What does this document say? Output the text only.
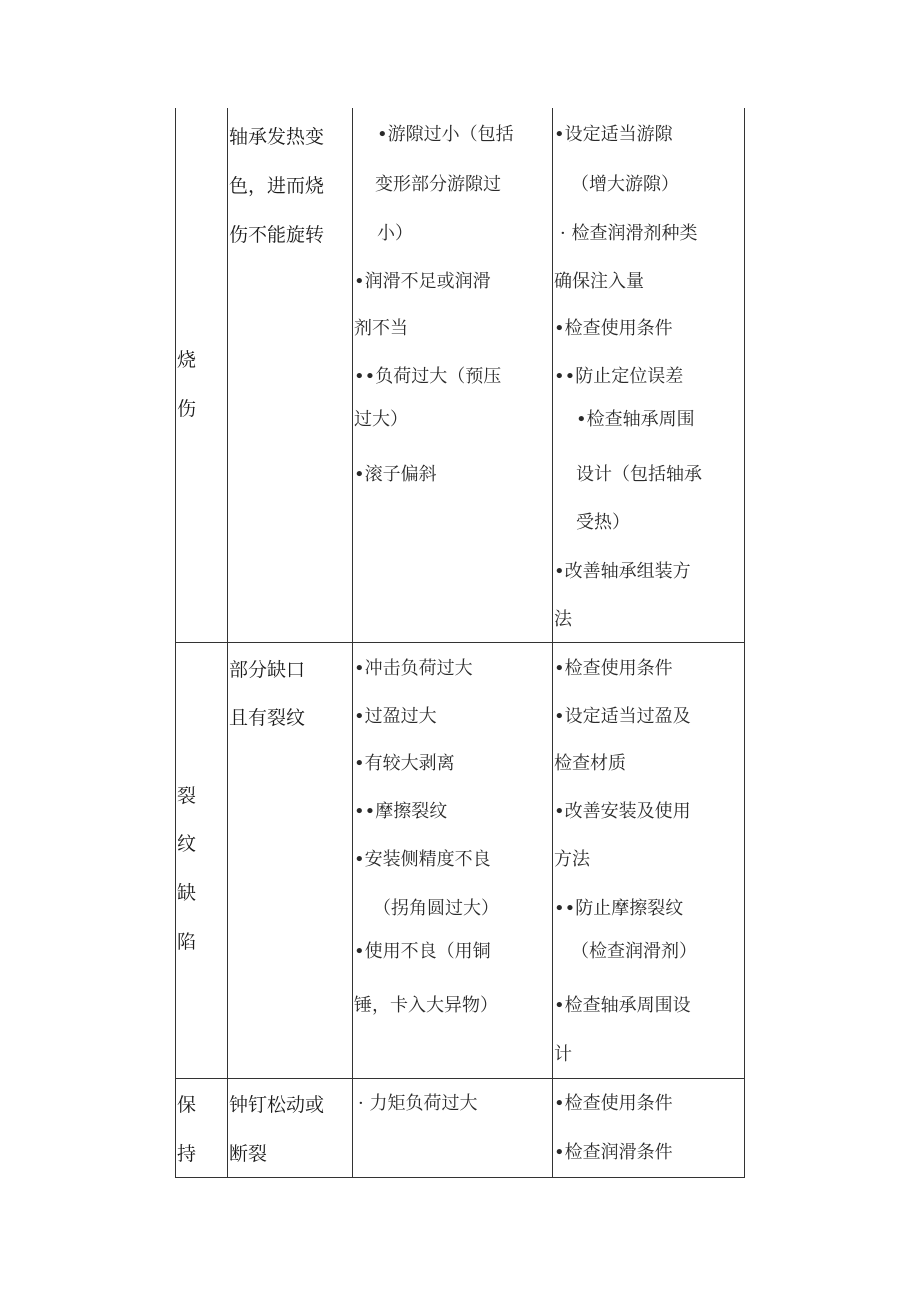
烧
伤
轴承发热变
色，进而烧
伤不能旋转
•游隙过小（包括
变形部分游隙过
小）
•润滑不足或润滑
剂不当
••负荷过大（预压
过大）
•滚子偏斜
•设定适当游隙
（增大游隙）
· 检查润滑剂种类
确保注入量
•检查使用条件
••防止定位误差
•检查轴承周围
设计（包括轴承
受热）
•改善轴承组装方
法
裂
纹
缺
陷
部分缺口
且有裂纹
•冲击负荷过大
•过盈过大
•有较大剥离
••摩擦裂纹
•安装侧精度不良
（拐角圆过大）
•使用不良（用铜
锤，卡入大异物）
•检查使用条件
•设定适当过盈及
检查材质
•改善安装及使用
方法
••防止摩擦裂纹
（检查润滑剂）
•检查轴承周围设
计
保
持
钟钉松动或
断裂
· 力矩负荷过大	•检查使用条件
•检查润滑条件
